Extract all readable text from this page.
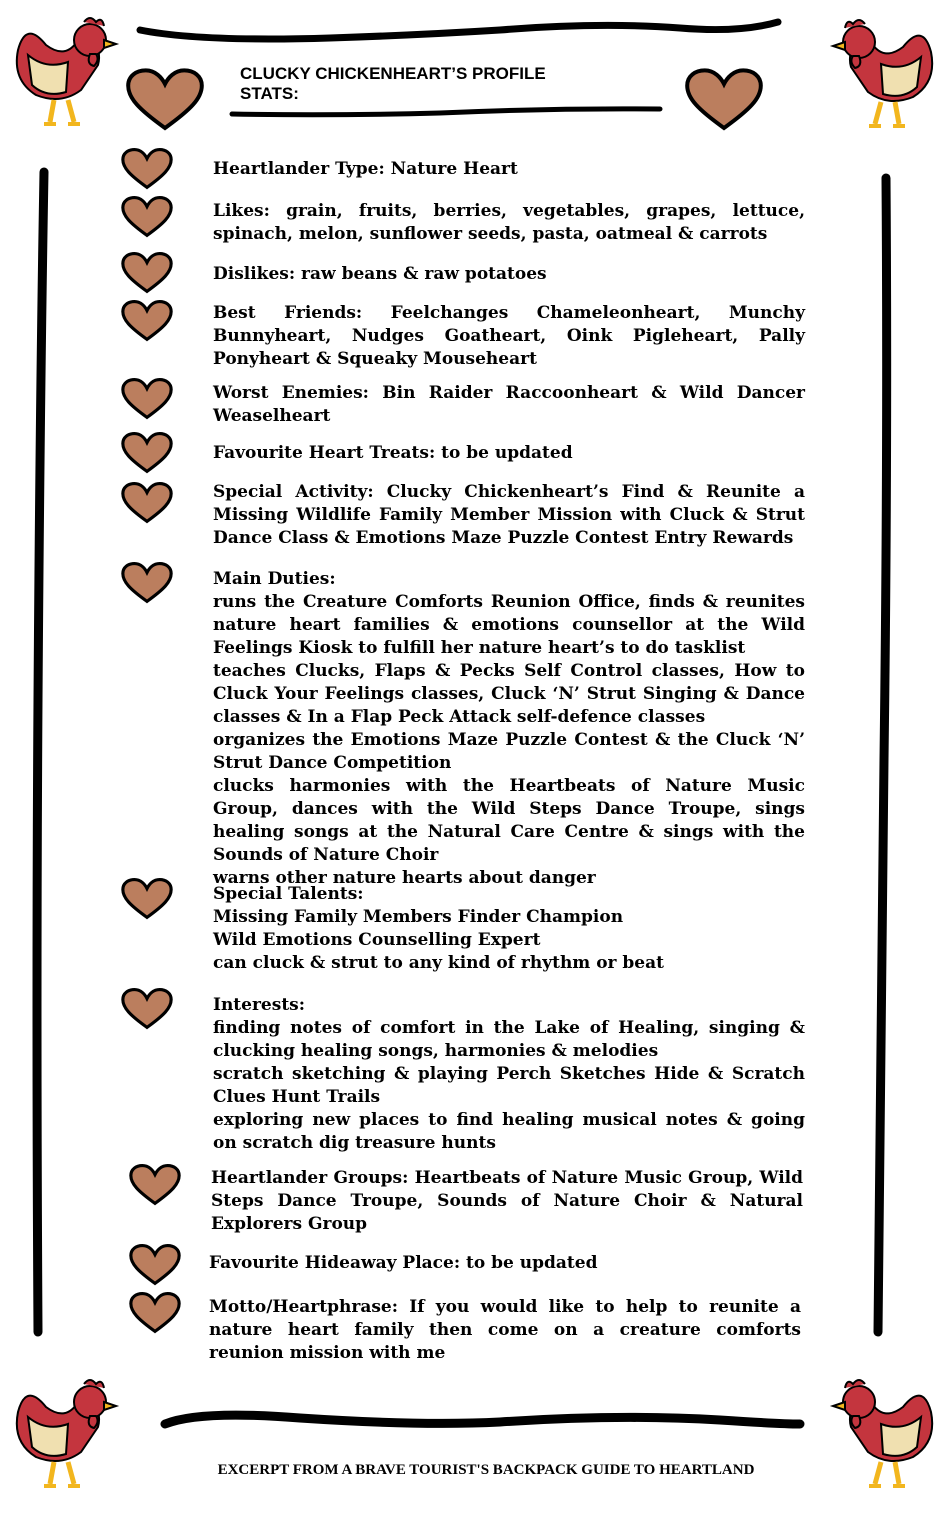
CLUCKY CHICKENHEART’S PROFILE
STATS:
Heartlander Type: Nature Heart
Likes: grain, fruits, berries, vegetables, grapes, lettuce, spinach, melon, sunflower seeds, pasta, oatmeal & carrots
Dislikes: raw beans & raw potatoes
Best Friends: Feelchanges Chameleonheart, Munchy Bunnyheart, Nudges Goatheart, Oink Pigleheart, Pally Ponyheart & Squeaky Mouseheart
Worst Enemies: Bin Raider Raccoonheart & Wild Dancer Weaselheart
Favourite Heart Treats: to be updated
Special Activity: Clucky Chickenheart’s Find & Reunite a Missing Wildlife Family Member Mission with Cluck & Strut Dance Class & Emotions Maze Puzzle Contest Entry Rewards
Main Duties:
runs the Creature Comforts Reunion Office, finds & reunites nature heart families & emotions counsellor at the Wild Feelings Kiosk to fulfill her nature heart’s to do tasklist
teaches Clucks, Flaps & Pecks Self Control classes, How to Cluck Your Feelings classes, Cluck ‘N’ Strut Singing & Dance classes & In a Flap Peck Attack self-defence classes
organizes the Emotions Maze Puzzle Contest & the Cluck ‘N’ Strut Dance Competition
clucks harmonies with the Heartbeats of Nature Music Group, dances with the Wild Steps Dance Troupe, sings healing songs at the Natural Care Centre & sings with the Sounds of Nature Choir
warns other nature hearts about danger
Special Talents:
Missing Family Members Finder Champion
Wild Emotions Counselling Expert
can cluck & strut to any kind of rhythm or beat
Interests:
finding notes of comfort in the Lake of Healing, singing & clucking healing songs, harmonies & melodies
scratch sketching & playing Perch Sketches Hide & Scratch Clues Hunt Trails
exploring new places to find healing musical notes & going on scratch dig treasure hunts
Heartlander Groups: Heartbeats of Nature Music Group, Wild Steps Dance Troupe, Sounds of Nature Choir & Natural Explorers Group
Favourite Hideaway Place: to be updated
Motto/Heartphrase: If you would like to help to reunite a nature heart family then come on a creature comforts reunion mission with me
EXCERPT FROM A BRAVE TOURIST'S BACKPACK GUIDE TO HEARTLAND
